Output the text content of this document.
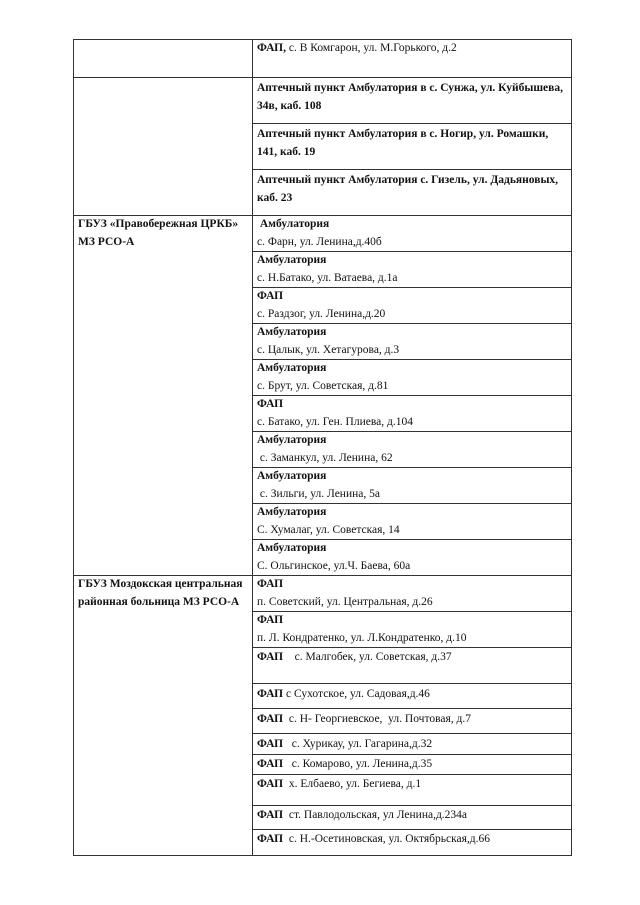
	ФАП, с. В Комгарон, ул. М.Горького, д.2
	Аптечный пункт Амбулатория в с. Сунжа, ул. Куйбышева, 34в, каб. 108
	Аптечный пункт Амбулатория в с. Ногир, ул. Ромашки, 141, каб. 19
	Аптечный пункт Амбулатория с. Гизель, ул. Дадьяновых, каб. 23
ГБУЗ «Правобережная ЦРКБ» МЗ РСО-А	Амбулатория
с. Фарн, ул. Ленина,д.40б

	Амбулатория
с. Н.Батако, ул. Ватаева, д.1а

	ФАП
с. Раздзог, ул. Ленина,д.20

	Амбулатория
с. Цалык, ул. Хетагурова, д.3

	Амбулатория
с. Брут, ул. Советская, д.81

	ФАП
с. Батако, ул. Ген. Плиева, д.104

	Амбулатория
с. Заманкул, ул. Ленина, 62

	Амбулатория
с. Зильги, ул. Ленина, 5а

	Амбулатория
С. Хумалаг, ул. Советская, 14

	Амбулатория
С. Ольгинское, ул.Ч. Баева, 60а

ГБУЗ Моздокская центральная районная больница МЗ РСО-А	ФАП
п. Советский, ул. Центральная, д.26

	ФАП
п. Л. Кондратенко, ул. Л.Кондратенко, д.10

	ФАП    с. Малгобек, ул. Советская, д.37
	ФАП с Сухотское, ул. Садовая,д.46
	ФАП  с. Н- Георгиевское,  ул. Почтовая, д.7
	ФАП   с. Хурикау, ул. Гагарина,д.32
	ФАП   с. Комарово, ул. Ленина,д.35
	ФАП  х. Елбаево, ул. Бегиева, д.1
	ФАП  ст. Павлодольская, ул Ленина,д.234а
	ФАП  с. Н.-Осетиновская, ул. Октябрьская,д.66
